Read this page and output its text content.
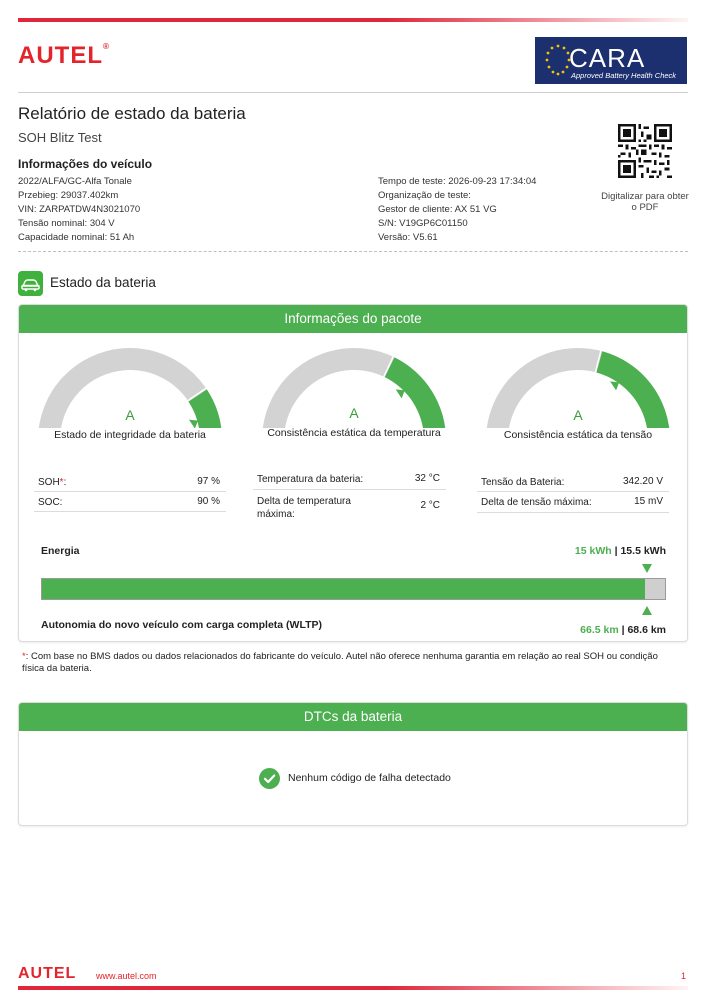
AUTEL®	CARA
Approved Battery Health Check
Relatório de estado da bateria
SOH Blitz Test
Informações do veículo
2022/ALFA/GC-Alfa Tonale
Przebieg: 29037.402km
VIN: ZARPATDW4N3021070
Tensão nominal: 304 V
Capacidade nominal: 51 Ah
Tempo de teste: 2026-09-23 17:34:04
Organização de teste:
Gestor de cliente: AX 51 VG
S/N: V19GP6C01150
Versão: V5.61
Digitalizar para obter o PDF
Estado da bateria
Informações do pacote
A	A	A
Estado de integridade da bateria	Consistência estática da temperatura	Consistência estática da tensão
SOH*:	97 %
SOC:	90 %
Temperatura da bateria:	32 °C
Delta de temperatura máxima:
2 °C
Tensão da Bateria:	342.20 V
Delta de tensão máxima:	15 mV
Energia	15 kWh | 15.5 kWh
Autonomia do novo veículo com carga completa (WLTP)	66.5 km | 68.6 km
*: Com base no BMS dados ou dados relacionados do fabricante do veículo. Autel não oferece nenhuma garantia em relação ao real SOH ou condição física da bateria.
DTCs da bateria
Nenhum código de falha detectado
AUTEL www.autel.com	1
